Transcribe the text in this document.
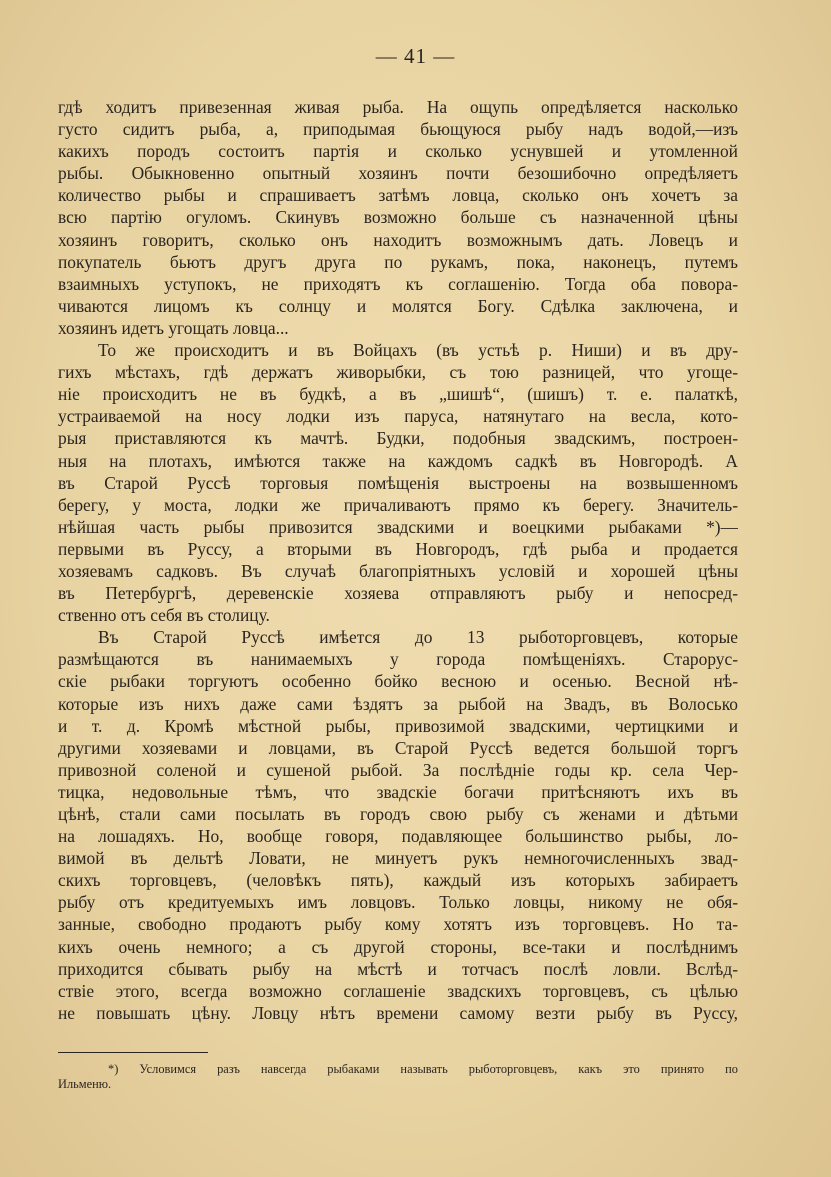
— 41 —
гдѣ ходитъ привезенная живая рыба. На ощупь опредѣляется насколько
густо сидитъ рыба, а, приподымая бьющуюся рыбу надъ водой,—изъ
какихъ породъ состоитъ партія и сколько уснувшей и утомленной
рыбы. Обыкновенно опытный хозяинъ почти безошибочно опредѣляетъ
количество рыбы и спрашиваетъ затѣмъ ловца, сколько онъ хочетъ за
всю партію огуломъ. Скинувъ возможно больше съ назначенной цѣны
хозяинъ говоритъ, сколько онъ находитъ возможнымъ дать. Ловецъ и
покупатель бьютъ другъ друга по рукамъ, пока, наконецъ, путемъ
взаимныхъ уступокъ, не приходятъ къ соглашенію. Тогда оба повора-
чиваются лицомъ къ солнцу и молятся Богу. Сдѣлка заключена, и
хозяинъ идетъ угощать ловца...
То же происходитъ и въ Войцахъ (въ устьѣ р. Ниши) и въ дру-
гихъ мѣстахъ, гдѣ держатъ живорыбки, съ тою разницей, что угоще-
ніе происходитъ не въ будкѣ, а въ „шишѣ“, (шишъ) т. е. палаткѣ,
устраиваемой на носу лодки изъ паруса, натянутаго на весла, кото-
рыя приставляются къ мачтѣ. Будки, подобныя звадскимъ, построен-
ныя на плотахъ, имѣются также на каждомъ садкѣ въ Новгородѣ. А
въ Старой Руссѣ торговыя помѣщенія выстроены на возвышенномъ
берегу, у моста, лодки же причаливаютъ прямо къ берегу. Значитель-
нѣйшая часть рыбы привозится звадскими и воецкими рыбаками *)—
первыми въ Руссу, а вторыми въ Новгородъ, гдѣ рыба и продается
хозяевамъ садковъ. Въ случаѣ благопріятныхъ условій и хорошей цѣны
въ Петербургѣ, деревенскіе хозяева отправляютъ рыбу и непосред-
ственно отъ себя въ столицу.
Въ Старой Руссѣ имѣется до 13 рыботорговцевъ, которые
размѣщаются въ нанимаемыхъ у города помѣщеніяхъ. Старорус-
скіе рыбаки торгуютъ особенно бойко весною и осенью. Весной нѣ-
которые изъ нихъ даже сами ѣздятъ за рыбой на Звадъ, въ Волосько
и т. д. Кромѣ мѣстной рыбы, привозимой звадскими, чертицкими и
другими хозяевами и ловцами, въ Старой Руссѣ ведется большой торгъ
привозной соленой и сушеной рыбой. За послѣдніе годы кр. села Чер-
тицка, недовольные тѣмъ, что звадскіе богачи притѣсняютъ ихъ въ
цѣнѣ, стали сами посылать въ городъ свою рыбу съ женами и дѣтьми
на лошадяхъ. Но, вообще говоря, подавляющее большинство рыбы, ло-
вимой въ дельтѣ Ловати, не минуетъ рукъ немногочисленныхъ звад-
скихъ торговцевъ, (человѣкъ пять), каждый изъ которыхъ забираетъ
рыбу отъ кредитуемыхъ имъ ловцовъ. Только ловцы, никому не обя-
занные, свободно продаютъ рыбу кому хотятъ изъ торговцевъ. Но та-
кихъ очень немного; а съ другой стороны, все-таки и послѣднимъ
приходится сбывать рыбу на мѣстѣ и тотчасъ послѣ ловли. Вслѣд-
ствіе этого, всегда возможно соглашеніе звадскихъ торговцевъ, съ цѣлью
не повышать цѣну. Ловцу нѣтъ времени самому везти рыбу въ Руссу,
*) Условимся разъ навсегда рыбаками называть рыботорговцевъ, какъ это принято по
Ильменю.
